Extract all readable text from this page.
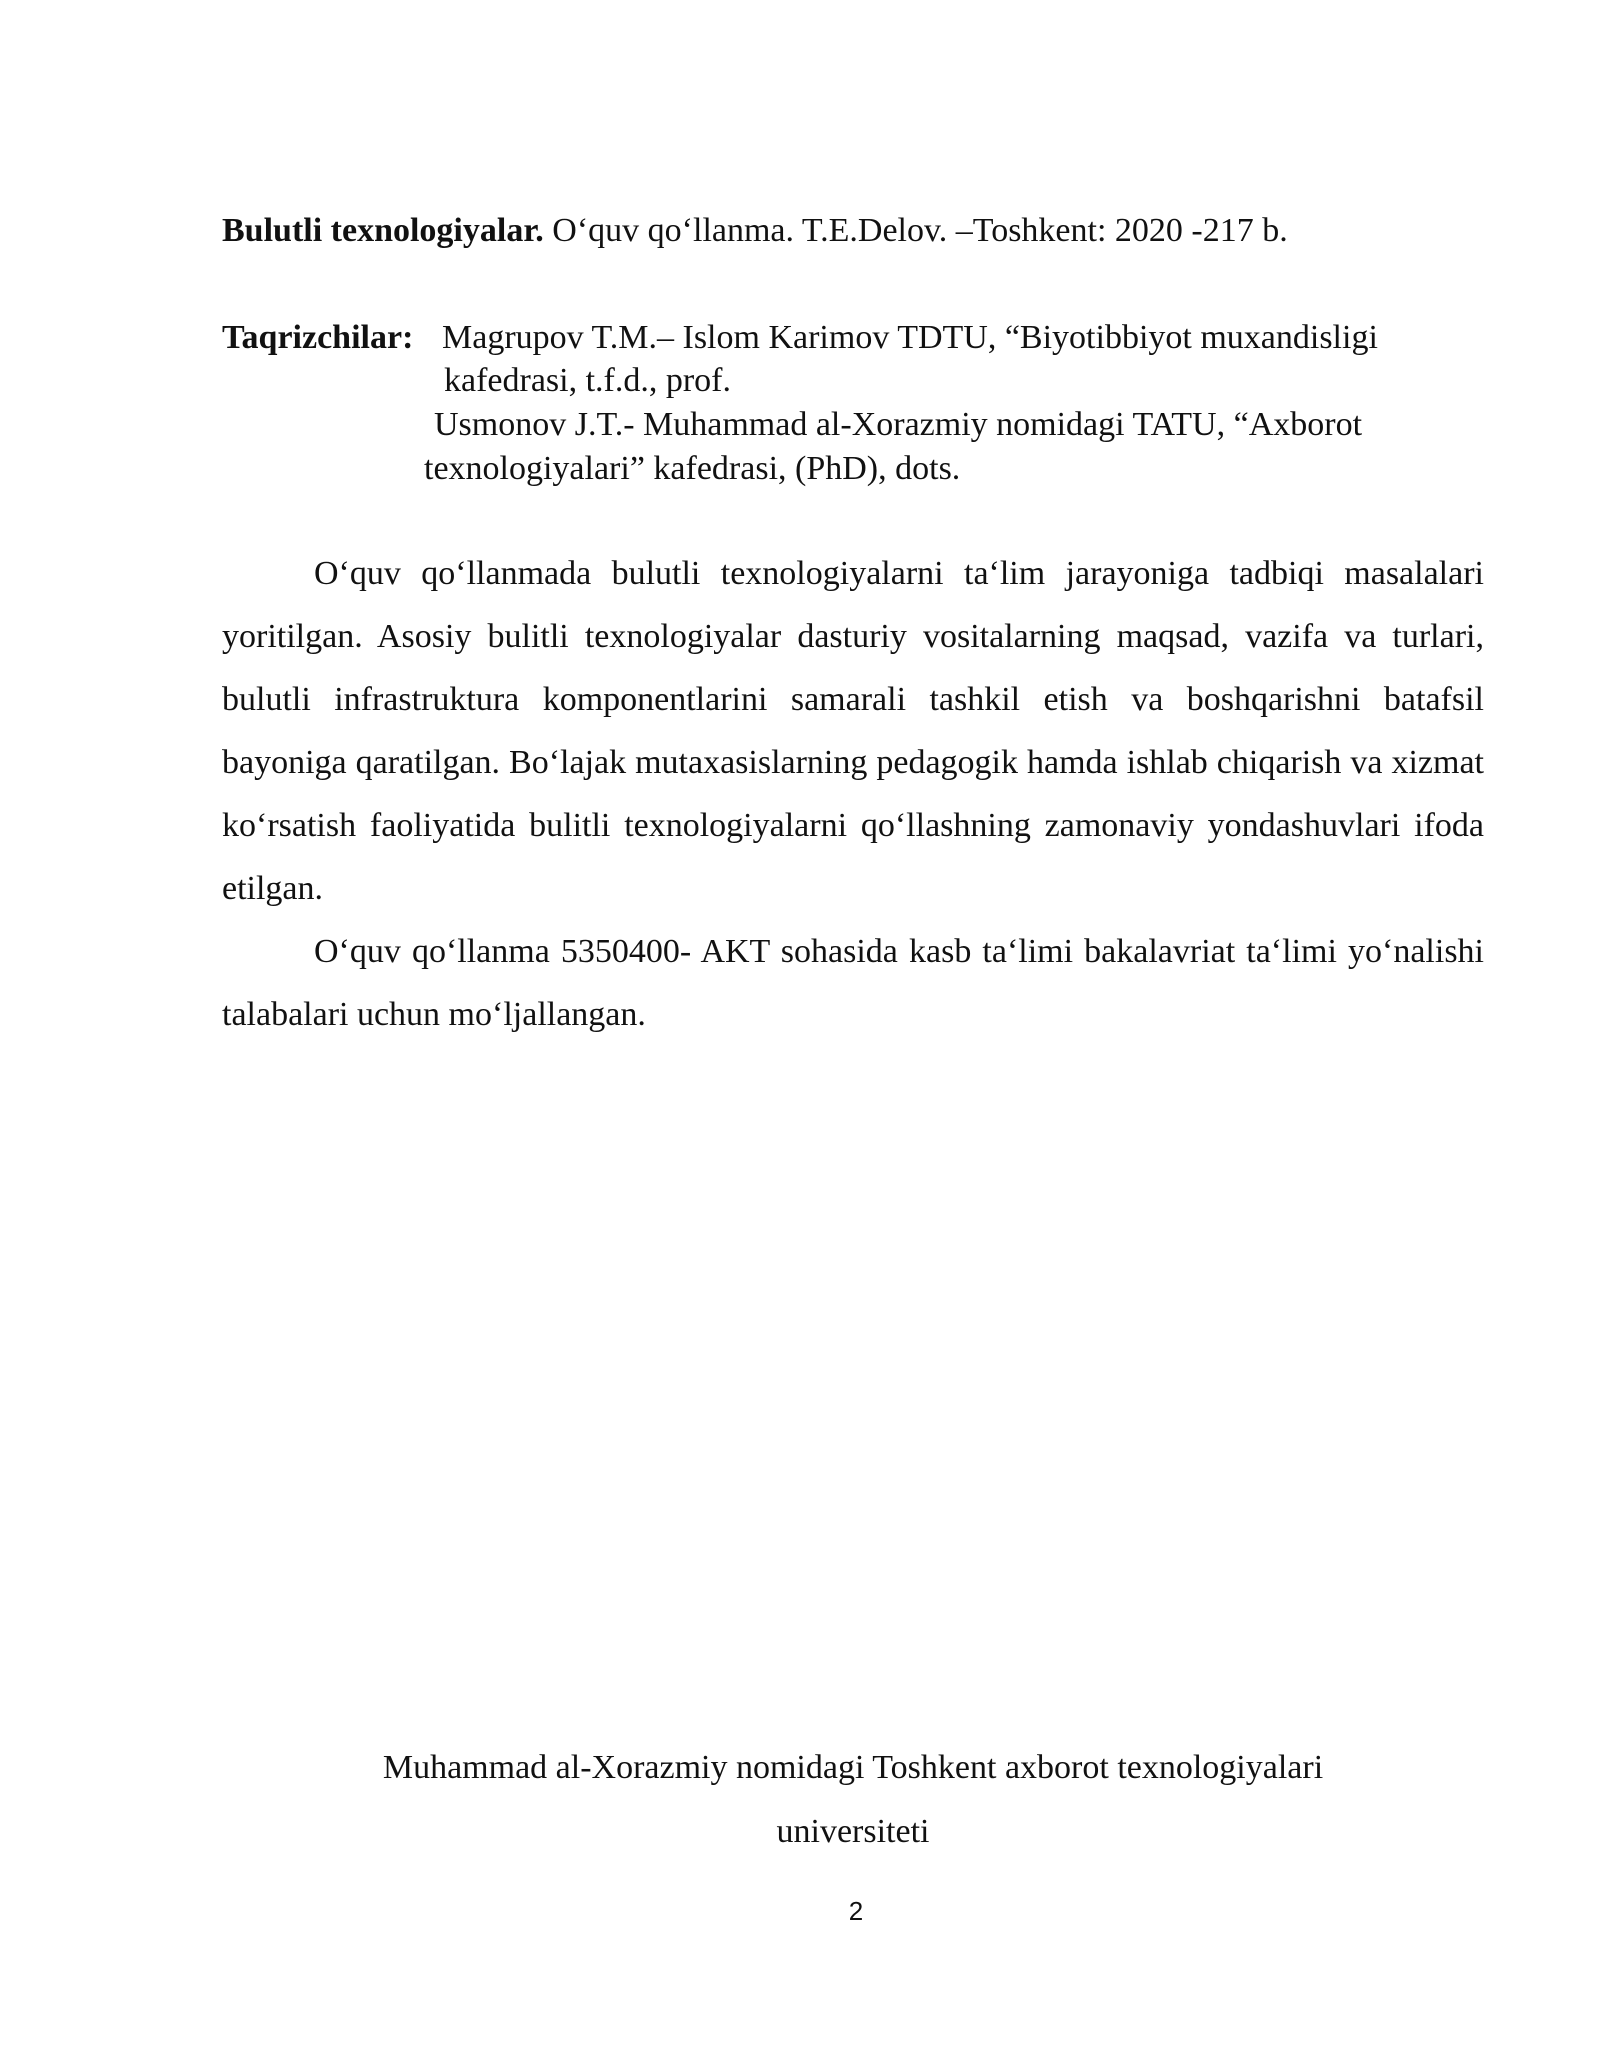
Bulutli texnologiyalar. O‘quv qo‘llanma. T.E.Delov. –Toshkent: 2020 -217 b.
Taqrizchilar: Magrupov T.M.– Islom Karimov TDTU, “Biyotibbiyot muxandisligi
kafedrasi, t.f.d., prof.
Usmonov J.T.- Muhammad al-Xorazmiy nomidagi TATU, “Axborot
texnologiyalari” kafedrasi, (PhD), dots.

O‘quv qo‘llanmada bulutli texnologiyalarni ta‘lim jarayoniga tadbiqi masalalari yoritilgan. Asosiy bulitli texnologiyalar dasturiy vositalarning maqsad, vazifa va turlari, bulutli infrastruktura komponentlarini samarali tashkil etish va boshqarishni batafsil bayoniga qaratilgan. Bo‘lajak mutaxasislarning pedagogik hamda ishlab chiqarish va xizmat ko‘rsatish faoliyatida bulitli texnologiyalarni qo‘llashning zamonaviy yondashuvlari ifoda etilgan.

O‘quv qo‘llanma 5350400- AKT sohasida kasb ta‘limi bakalavriat ta‘limi yo‘nalishi talabalari uchun mo‘ljallangan.

Muhammad al-Xorazmiy nomidagi Toshkent axborot texnologiyalari
universiteti
2
